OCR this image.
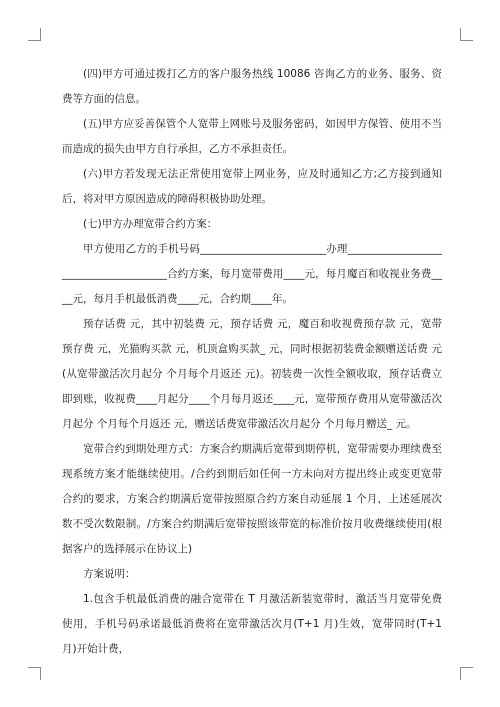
(四)甲方可通过拨打乙方的客户服务热线 10086 咨询乙方的业务、服务、资费等方面的信息。

(五)甲方应妥善保管个人宽带上网账号及服务密码，如因甲方保管、使用不当而造成的损失由甲方自行承担，乙方不承担责任。

(六)甲方若发现无法正常使用宽带上网业务，应及时通知乙方;乙方接到通知后，将对甲方原因造成的障碍积极协助处理。

(七)甲方办理宽带合约方案：

甲方使用乙方的手机号码________________________办理______________________________________合约方案，每月宽带费用____元，每月魔百和收视业务费____元，每月手机最低消费____元，合约期____年。

预存话费 元，其中初装费 元，预存话费 元，魔百和收视费预存款 元，宽带预存费 元，光猫购买款 元，机顶盒购买款_ 元，同时根据初装费金额赠送话费 元(从宽带激活次月起分 个月每个月返还 元)。初装费一次性全额收取，预存话费立即到账，收视费____月起分____个月每月返还____元，宽带预存费用从宽带激活次月起分 个月每个月返还 元，赠送话费宽带激活次月起分 个月每月赠送_ 元。

宽带合约到期处理方式：方案合约期满后宽带到期停机，宽带需要办理续费至现系统方案才能继续使用。/合约到期后如任何一方未向对方提出终止或变更宽带合约的要求，方案合约期满后宽带按照原合约方案自动延展 1 个月，上述延展次数不受次数限制。/方案合约期满后宽带按照该带宽的标准价按月收费继续使用(根据客户的选择展示在协议上)

方案说明：

1.包含手机最低消费的融合宽带在 T 月激活新装宽带时，激活当月宽带免费使用，手机号码承诺最低消费将在宽带激活次月(T+1 月)生效，宽带同时(T+1 月)开始计费，
